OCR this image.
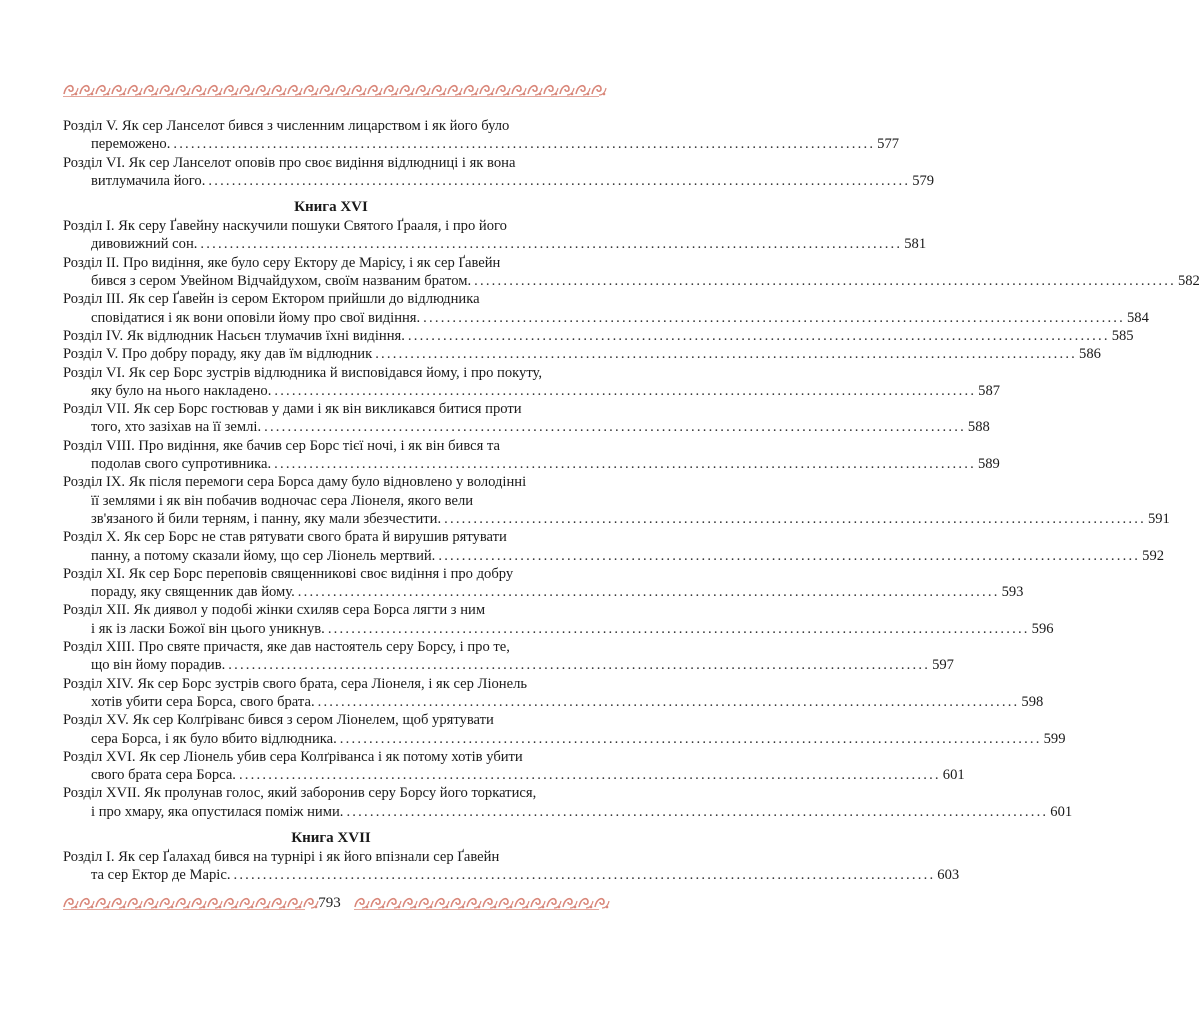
Розділ V. Як сер Ланселот бився з численним лицарством і як його було
переможено. ........................................................................................................................ 577
Розділ VI. Як сер Ланселот оповів про своє видіння відлюдниці і як вона
витлумачила його. ........................................................................................................................ 579
Книга XVI
Розділ I. Як серу Ґавейну наскучили пошуки Святого Ґрааля, і про його
дивовижний сон. ........................................................................................................................ 581
Розділ II. Про видіння, яке було серу Ектору де Марісу, і як сер Ґавейн
бився з сером Увейном Відчайдухом, своїм названим братом. ........................................................................................................................ 582
Розділ III. Як сер Ґавейн із сером Ектором прийшли до відлюдника
сповідатися і як вони оповіли йому про свої видіння. ........................................................................................................................ 584
Розділ IV. Як відлюдник Насьєн тлумачив їхні видіння. ........................................................................................................................ 585
Розділ V. Про добру пораду, яку дав їм відлюдник ........................................................................................................................ 586
Розділ VI. Як сер Борс зустрів відлюдника й висповідався йому, і про покуту,
яку було на нього накладено. ........................................................................................................................ 587
Розділ VII. Як сер Борс гостював у дами і як він викликався битися проти
того, хто зазіхав на її землі. ........................................................................................................................ 588
Розділ VIII. Про видіння, яке бачив сер Борс тієї ночі, і як він бився та
подолав свого супротивника. ........................................................................................................................ 589
Розділ IX. Як після перемоги сера Борса даму було відновлено у володінні
її землями і як він побачив водночас сера Ліонеля, якого вели
зв'язаного й били терням, і панну, яку мали збезчестити. ........................................................................................................................ 591
Розділ X. Як сер Борс не став рятувати свого брата й вирушив рятувати
панну, а потому сказали йому, що сер Ліонель мертвий. ........................................................................................................................ 592
Розділ XI. Як сер Борс переповів священникові своє видіння і про добру
пораду, яку священник дав йому. ........................................................................................................................ 593
Розділ XII. Як диявол у подобі жінки схиляв сера Борса лягти з ним
і як із ласки Божої він цього уникнув. ........................................................................................................................ 596
Розділ XIII. Про святе причастя, яке дав настоятель серу Борсу, і про те,
що він йому порадив. ........................................................................................................................ 597
Розділ XIV. Як сер Борс зустрів свого брата, сера Ліонеля, і як сер Ліонель
хотів убити сера Борса, свого брата. ........................................................................................................................ 598
Розділ XV. Як сер Колґріванс бився з сером Ліонелем, щоб урятувати
сера Борса, і як було вбито відлюдника. ........................................................................................................................ 599
Розділ XVI. Як сер Ліонель убив сера Колґріванса і як потому хотів убити
свого брата сера Борса. ........................................................................................................................ 601
Розділ XVII. Як пролунав голос, який заборонив серу Борсу його торкатися,
і про хмару, яка опустилася поміж ними. ........................................................................................................................ 601
Книга XVII
Розділ I. Як сер Ґалахад бився на турнірі і як його впізнали сер Ґавейн
та сер Ектор де Маріс. ........................................................................................................................ 603
793
